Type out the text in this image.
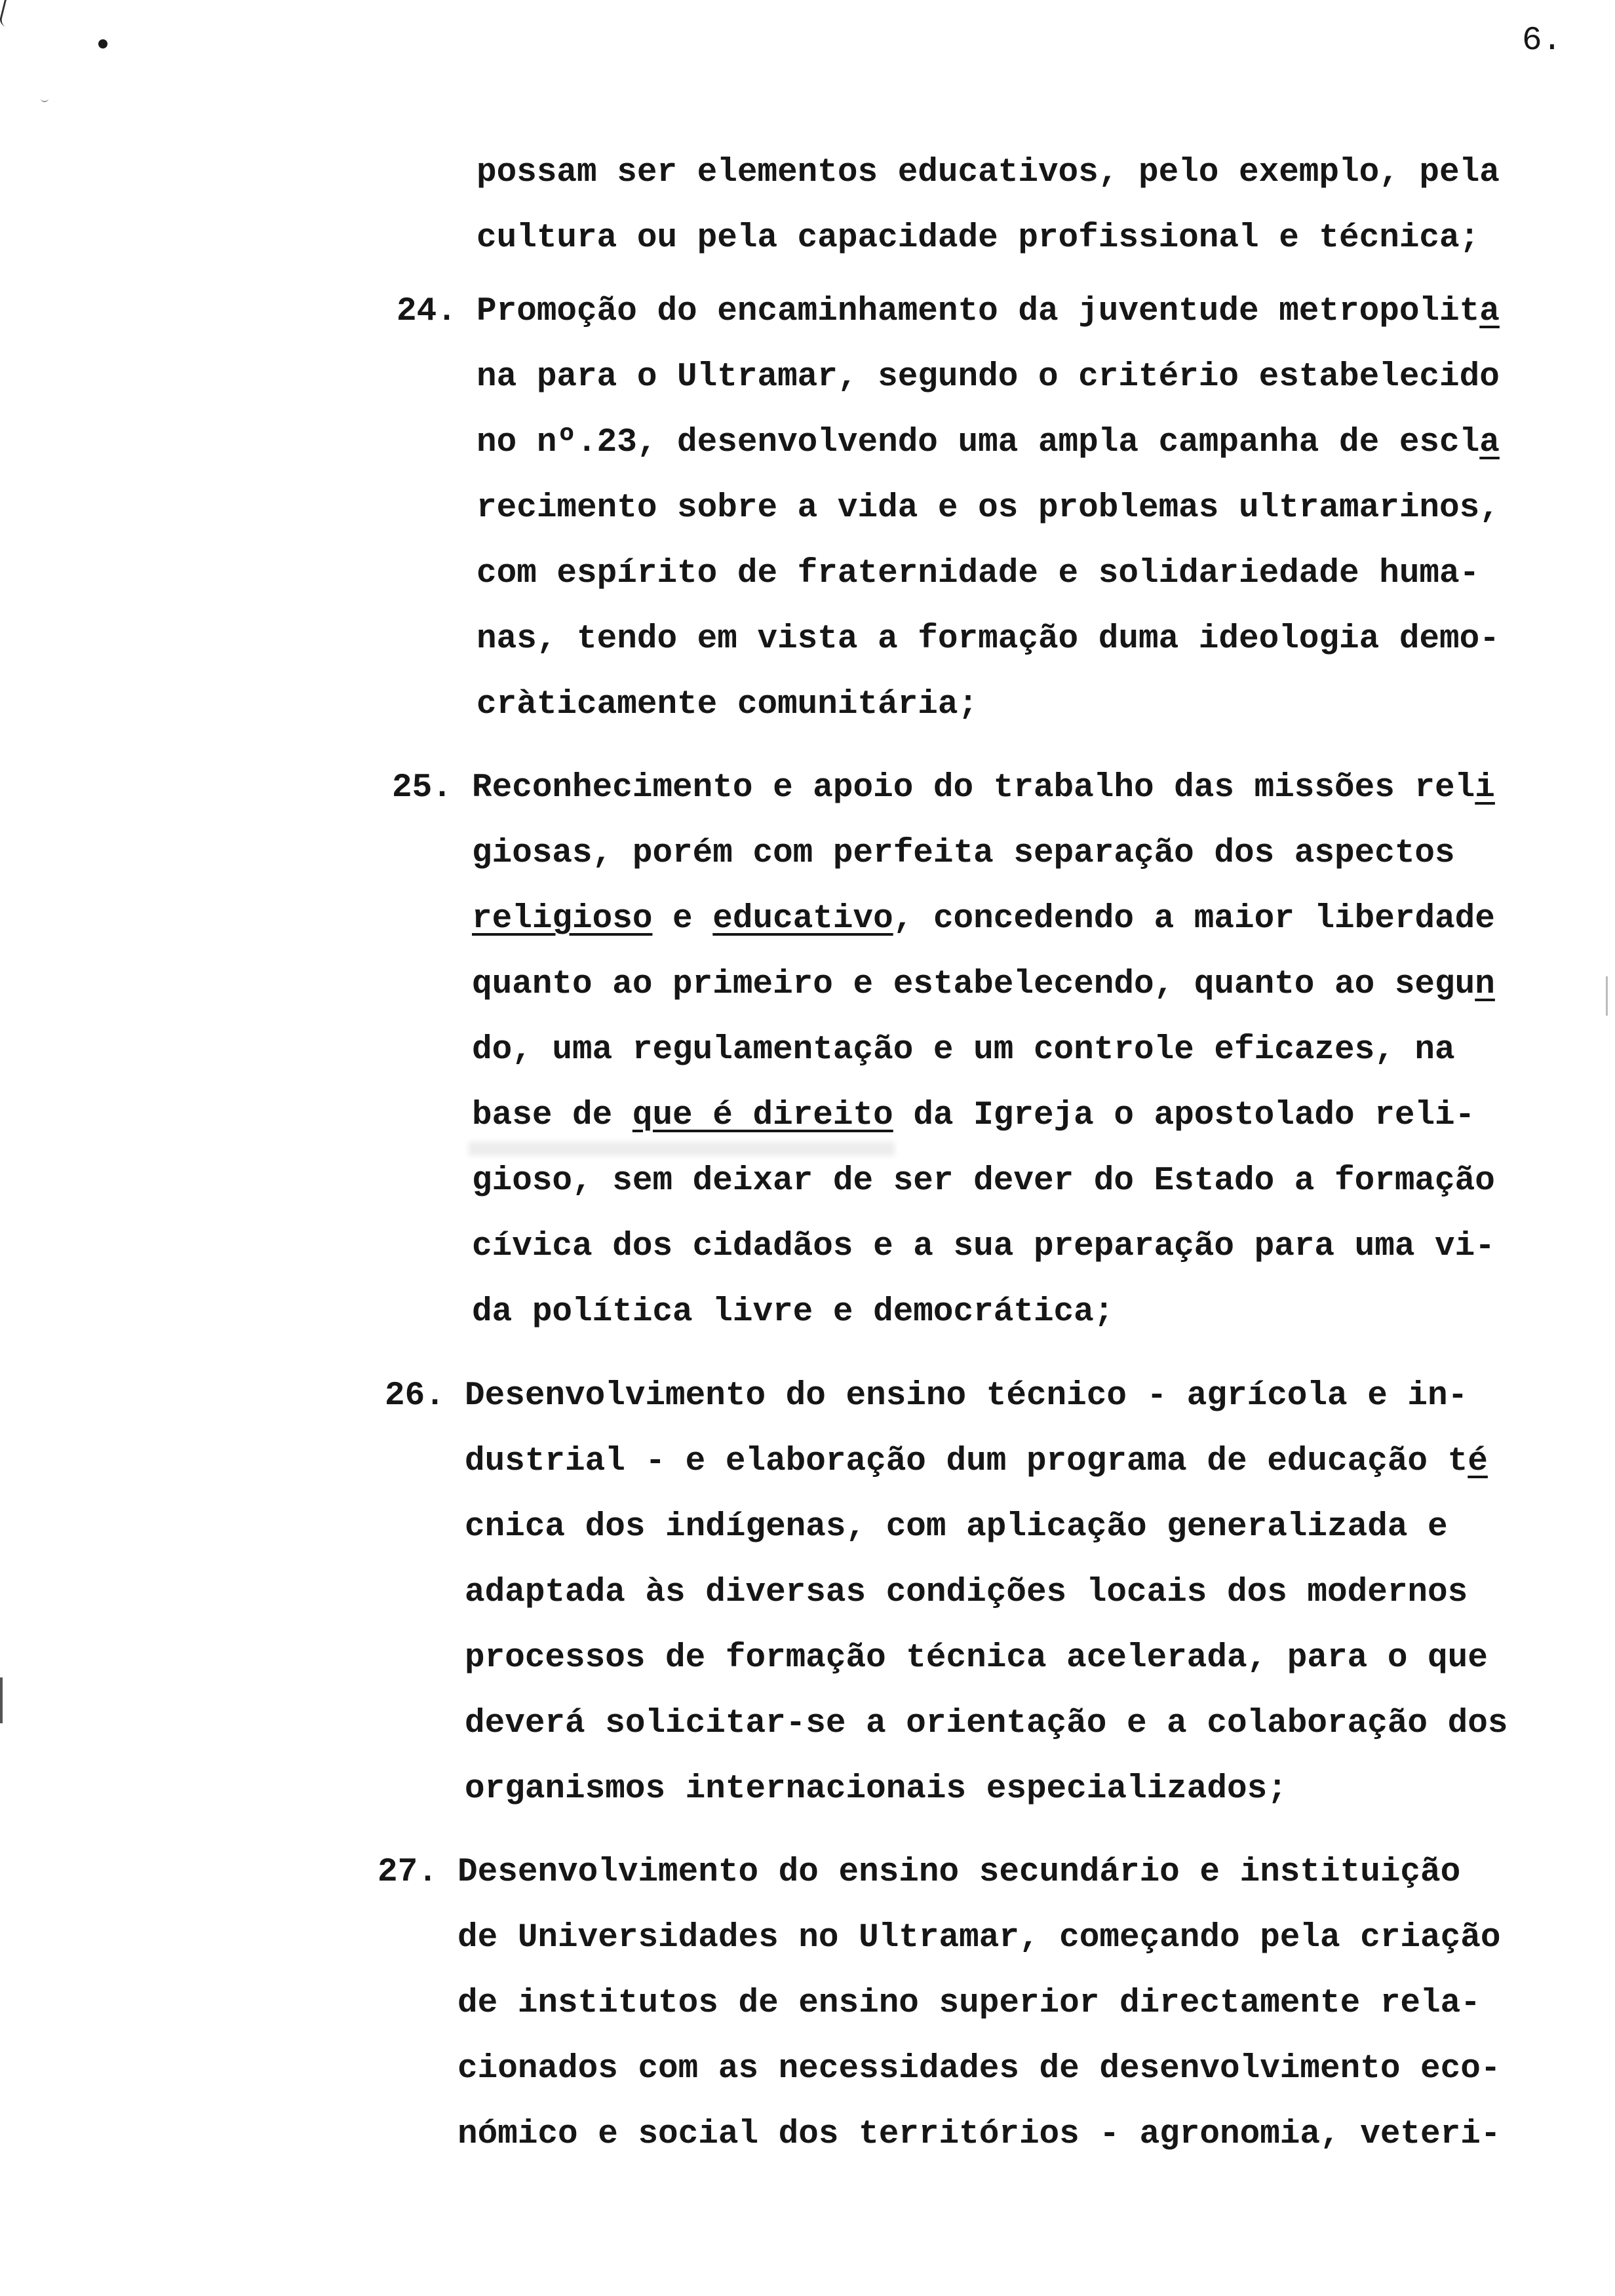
6.
possam ser elementos educativos, pelo exemplo, pela
cultura ou pela capacidade profissional e técnica;
24. Promoção do encaminhamento da juventude metropolita
na para o Ultramar, segundo o critério estabelecido
no nº.23, desenvolvendo uma ampla campanha de escla
recimento sobre a vida e os problemas ultramarinos,
com espírito de fraternidade e solidariedade huma-
nas, tendo em vista a formação duma ideologia demo-
cràticamente comunitária;
25. Reconhecimento e apoio do trabalho das missões reli
giosas, porém com perfeita separação dos aspectos
religioso e educativo, concedendo a maior liberdade
quanto ao primeiro e estabelecendo, quanto ao segun
do, uma regulamentação e um controle eficazes, na
base de que é direito da Igreja o apostolado reli-
gioso, sem deixar de ser dever do Estado a formação
cívica dos cidadãos e a sua preparação para uma vi-
da política livre e democrática;
26. Desenvolvimento do ensino técnico - agrícola e in-
dustrial - e elaboração dum programa de educação té
cnica dos indígenas, com aplicação generalizada e
adaptada às diversas condições locais dos modernos
processos de formação técnica acelerada, para o que
deverá solicitar-se a orientação e a colaboração dos
organismos internacionais especializados;
27. Desenvolvimento do ensino secundário e instituição
de Universidades no Ultramar, começando pela criação
de institutos de ensino superior directamente rela-
cionados com as necessidades de desenvolvimento eco-
nómico e social dos territórios - agronomia, veteri-
